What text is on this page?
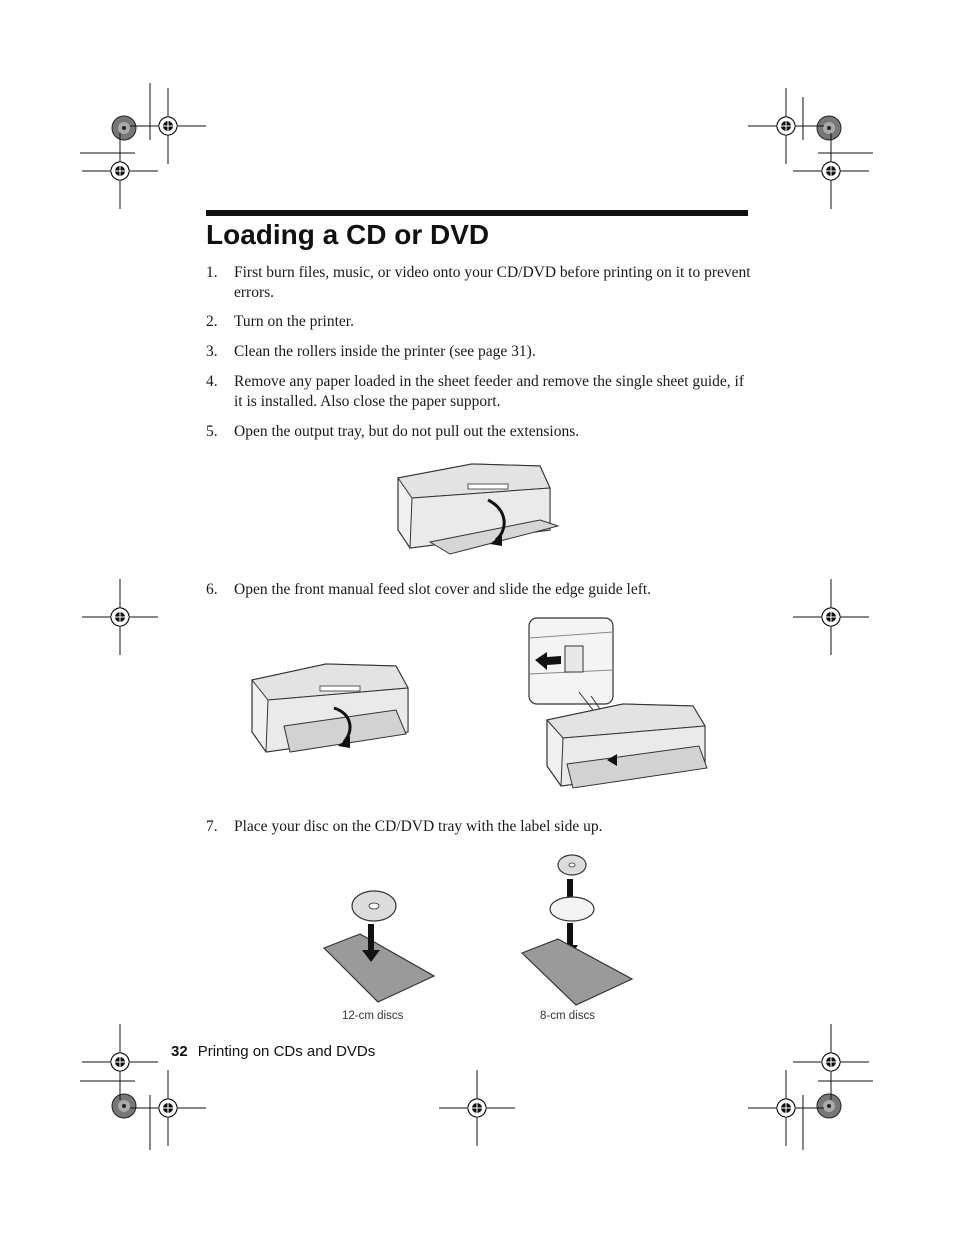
Loading a CD or DVD
1. First burn files, music, or video onto your CD/DVD before printing on it to prevent errors.
2. Turn on the printer.
3. Clean the rollers inside the printer (see page 31).
4. Remove any paper loaded in the sheet feeder and remove the single sheet guide, if it is installed. Also close the paper support.
5. Open the output tray, but do not pull out the extensions.
6. Open the front manual feed slot cover and slide the edge guide left.
7. Place your disc on the CD/DVD tray with the label side up.
12-cm discs	8-cm discs
32 Printing on CDs and DVDs
